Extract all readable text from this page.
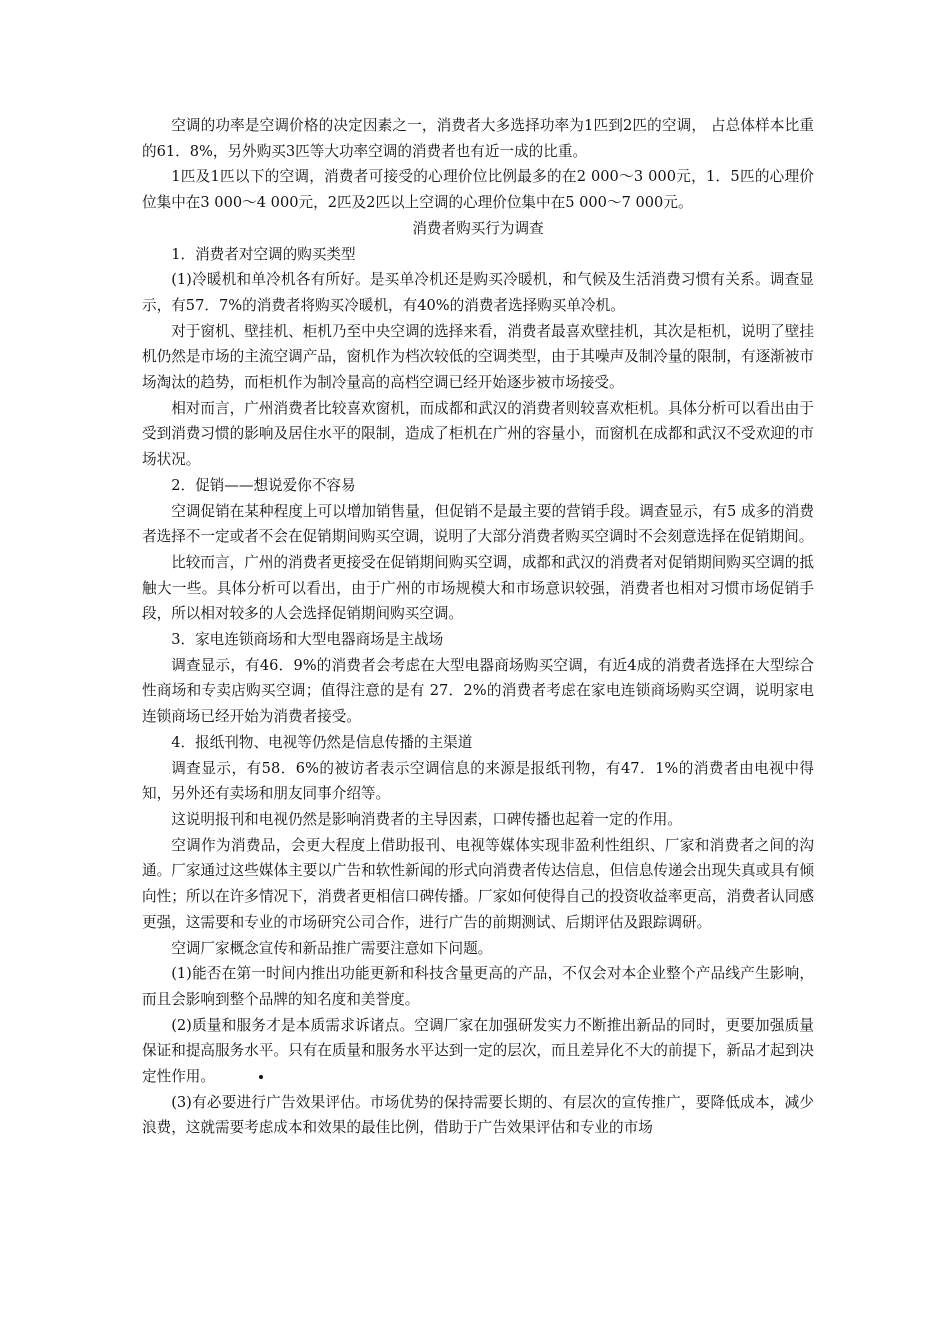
空调的功率是空调价格的决定因素之一，消费者大多选择功率为1匹到2匹的空调， 占总体样本比重的61．8%，另外购买3匹等大功率空调的消费者也有近一成的比重。

1匹及1匹以下的空调，消费者可接受的心理价位比例最多的在2 000～3 000元，1．5匹的心理价位集中在3 000～4 000元，2匹及2匹以上空调的心理价位集中在5 000～7 000元。

消费者购买行为调查
1．消费者对空调的购买类型

(1)冷暖机和单冷机各有所好。是买单冷机还是购买冷暖机，和气候及生活消费习惯有关系。调查显示，有57．7%的消费者将购买冷暖机，有40%的消费者选择购买单冷机。

对于窗机、壁挂机、柜机乃至中央空调的选择来看，消费者最喜欢壁挂机，其次是柜机，说明了壁挂机仍然是市场的主流空调产品，窗机作为档次较低的空调类型，由于其噪声及制冷量的限制，有逐渐被市场淘汰的趋势，而柜机作为制冷量高的高档空调已经开始逐步被市场接受。

相对而言，广州消费者比较喜欢窗机，而成都和武汉的消费者则较喜欢柜机。具体分析可以看出由于受到消费习惯的影响及居住水平的限制，造成了柜机在广州的容量小，而窗机在成都和武汉不受欢迎的市场状况。

2．促销——想说爱你不容易

空调促销在某种程度上可以增加销售量，但促销不是最主要的营销手段。调查显示，有5 成多的消费者选择不一定或者不会在促销期间购买空调，说明了大部分消费者购买空调时不会刻意选择在促销期间。

比较而言，广州的消费者更接受在促销期间购买空调，成都和武汉的消费者对促销期间购买空调的抵触大一些。具体分析可以看出，由于广州的市场规模大和市场意识较强，消费者也相对习惯市场促销手段，所以相对较多的人会选择促销期间购买空调。

3．家电连锁商场和大型电器商场是主战场

调查显示，有46．9%的消费者会考虑在大型电器商场购买空调，有近4成的消费者选择在大型综合性商场和专卖店购买空调；值得注意的是有 27．2%的消费者考虑在家电连锁商场购买空调，说明家电连锁商场已经开始为消费者接受。

4．报纸刊物、电视等仍然是信息传播的主渠道

调查显示，有58．6%的被访者表示空调信息的来源是报纸刊物，有47．1%的消费者由电视中得知，另外还有卖场和朋友同事介绍等。

这说明报刊和电视仍然是影响消费者的主导因素，口碑传播也起着一定的作用。

空调作为消费品，会更大程度上借助报刊、电视等媒体实现非盈利性组织、厂家和消费者之间的沟通。厂家通过这些媒体主要以广告和软性新闻的形式向消费者传达信息，但信息传递会出现失真或具有倾向性；所以在许多情况下，消费者更相信口碑传播。厂家如何使得自己的投资收益率更高，消费者认同感更强，这需要和专业的市场研究公司合作，进行广告的前期测试、后期评估及跟踪调研。

空调厂家概念宣传和新品推广需要注意如下问题。

(1)能否在第一时间内推出功能更新和科技含量更高的产品，不仅会对本企业整个产品线产生影响，而且会影响到整个品牌的知名度和美誉度。

(2)质量和服务才是本质需求诉诸点。空调厂家在加强研发实力不断推出新品的同时，更要加强质量保证和提高服务水平。只有在质量和服务水平达到一定的层次，而且差异化不大的前提下，新品才起到决定性作用。

(3)有必要进行广告效果评估。市场优势的保持需要长期的、有层次的宣传推广，要降低成本，减少浪费，这就需要考虑成本和效果的最佳比例，借助于广告效果评估和专业的市场
